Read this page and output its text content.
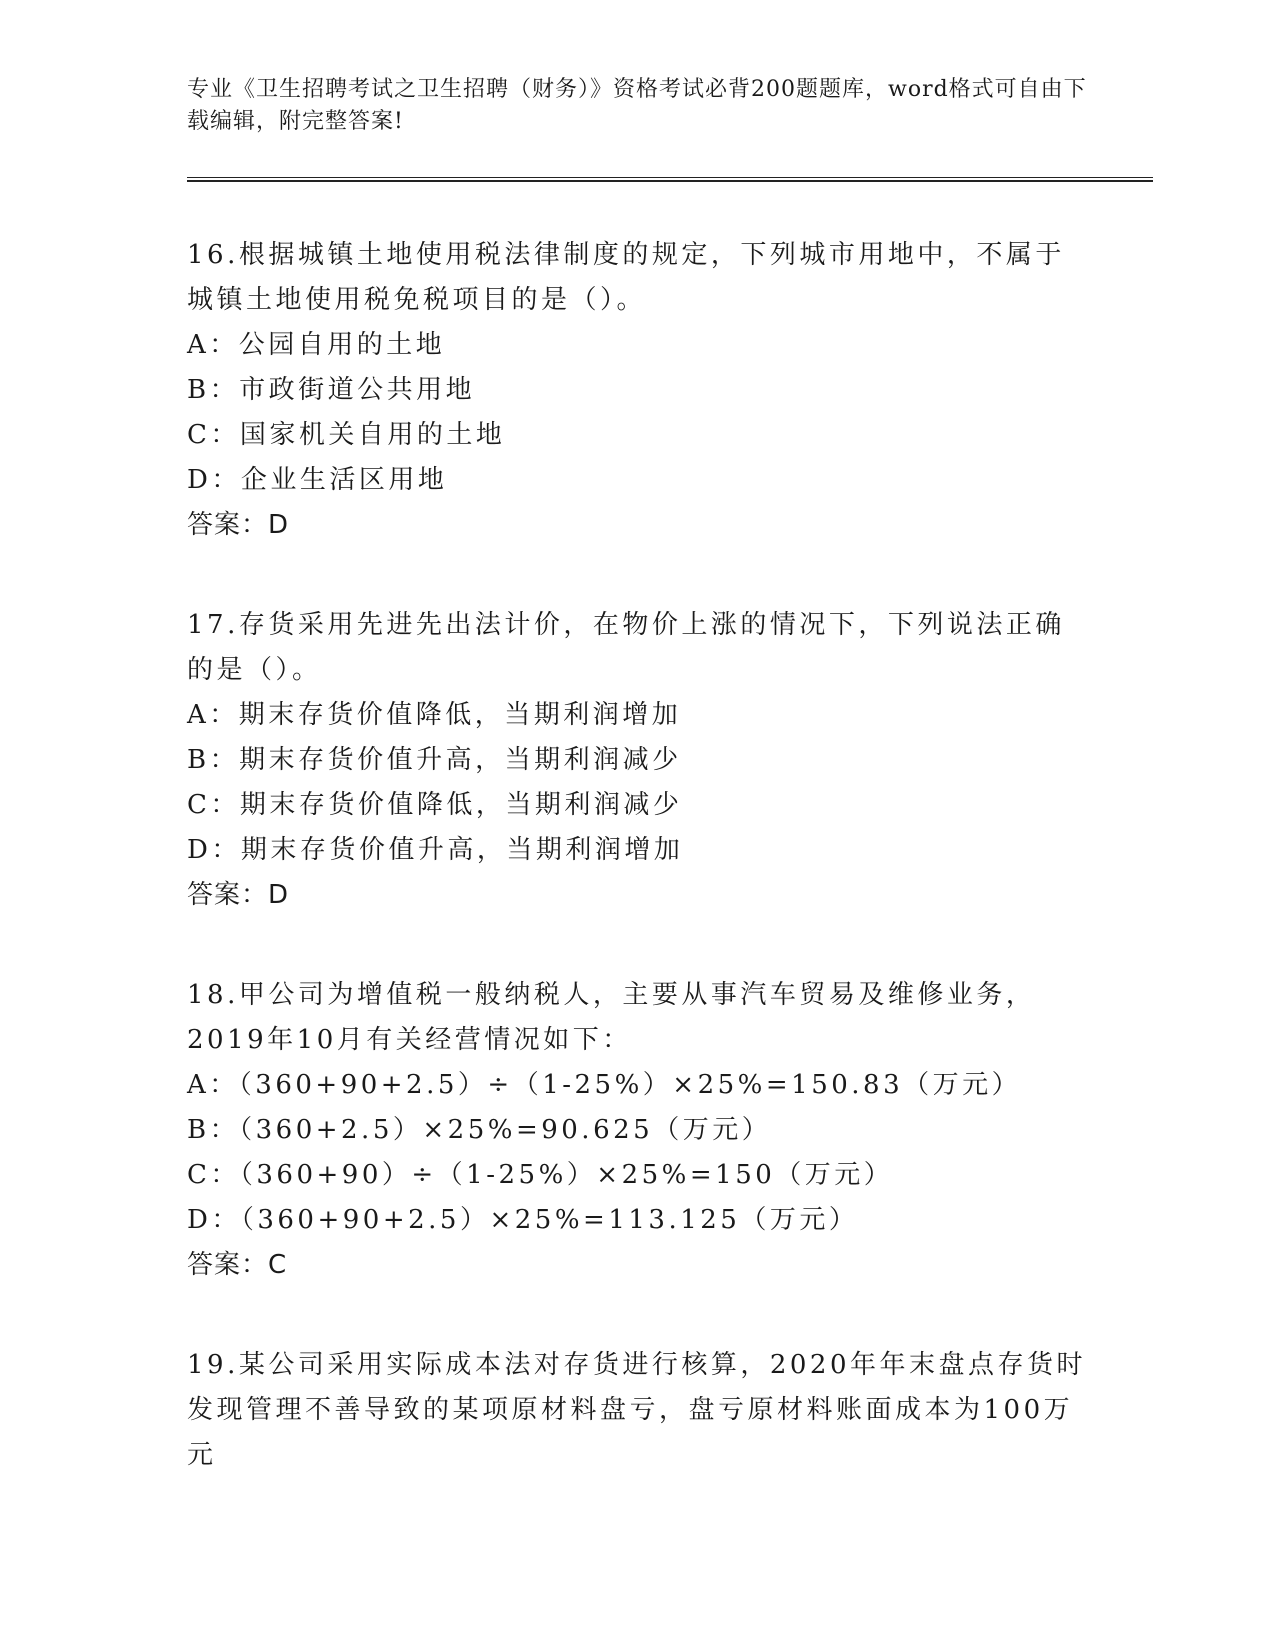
专业《卫生招聘考试之卫生招聘（财务）》资格考试必背200题题库，word格式可自由下载编辑，附完整答案!

16.根据城镇土地使用税法律制度的规定，下列城市用地中，不属于城镇土地使用税免税项目的是（）。

A：公园自用的土地

B：市政街道公共用地

C：国家机关自用的土地

D：企业生活区用地

答案：D

17.存货采用先进先出法计价，在物价上涨的情况下，下列说法正确的是（）。

A：期末存货价值降低，当期利润增加

B：期末存货价值升高，当期利润减少

C：期末存货价值降低，当期利润减少

D：期末存货价值升高，当期利润增加

答案：D

18.甲公司为增值税一般纳税人，主要从事汽车贸易及维修业务，2019年10月有关经营情况如下：

A：（360+90+2.5）÷（1-25%）×25%=150.83（万元）

B：（360+2.5）×25%=90.625（万元）

C：（360+90）÷（1-25%）×25%=150（万元）

D：（360+90+2.5）×25%=113.125（万元）

答案：C

19.某公司采用实际成本法对存货进行核算，2020年年末盘点存货时发现管理不善导致的某项原材料盘亏，盘亏原材料账面成本为100万元
